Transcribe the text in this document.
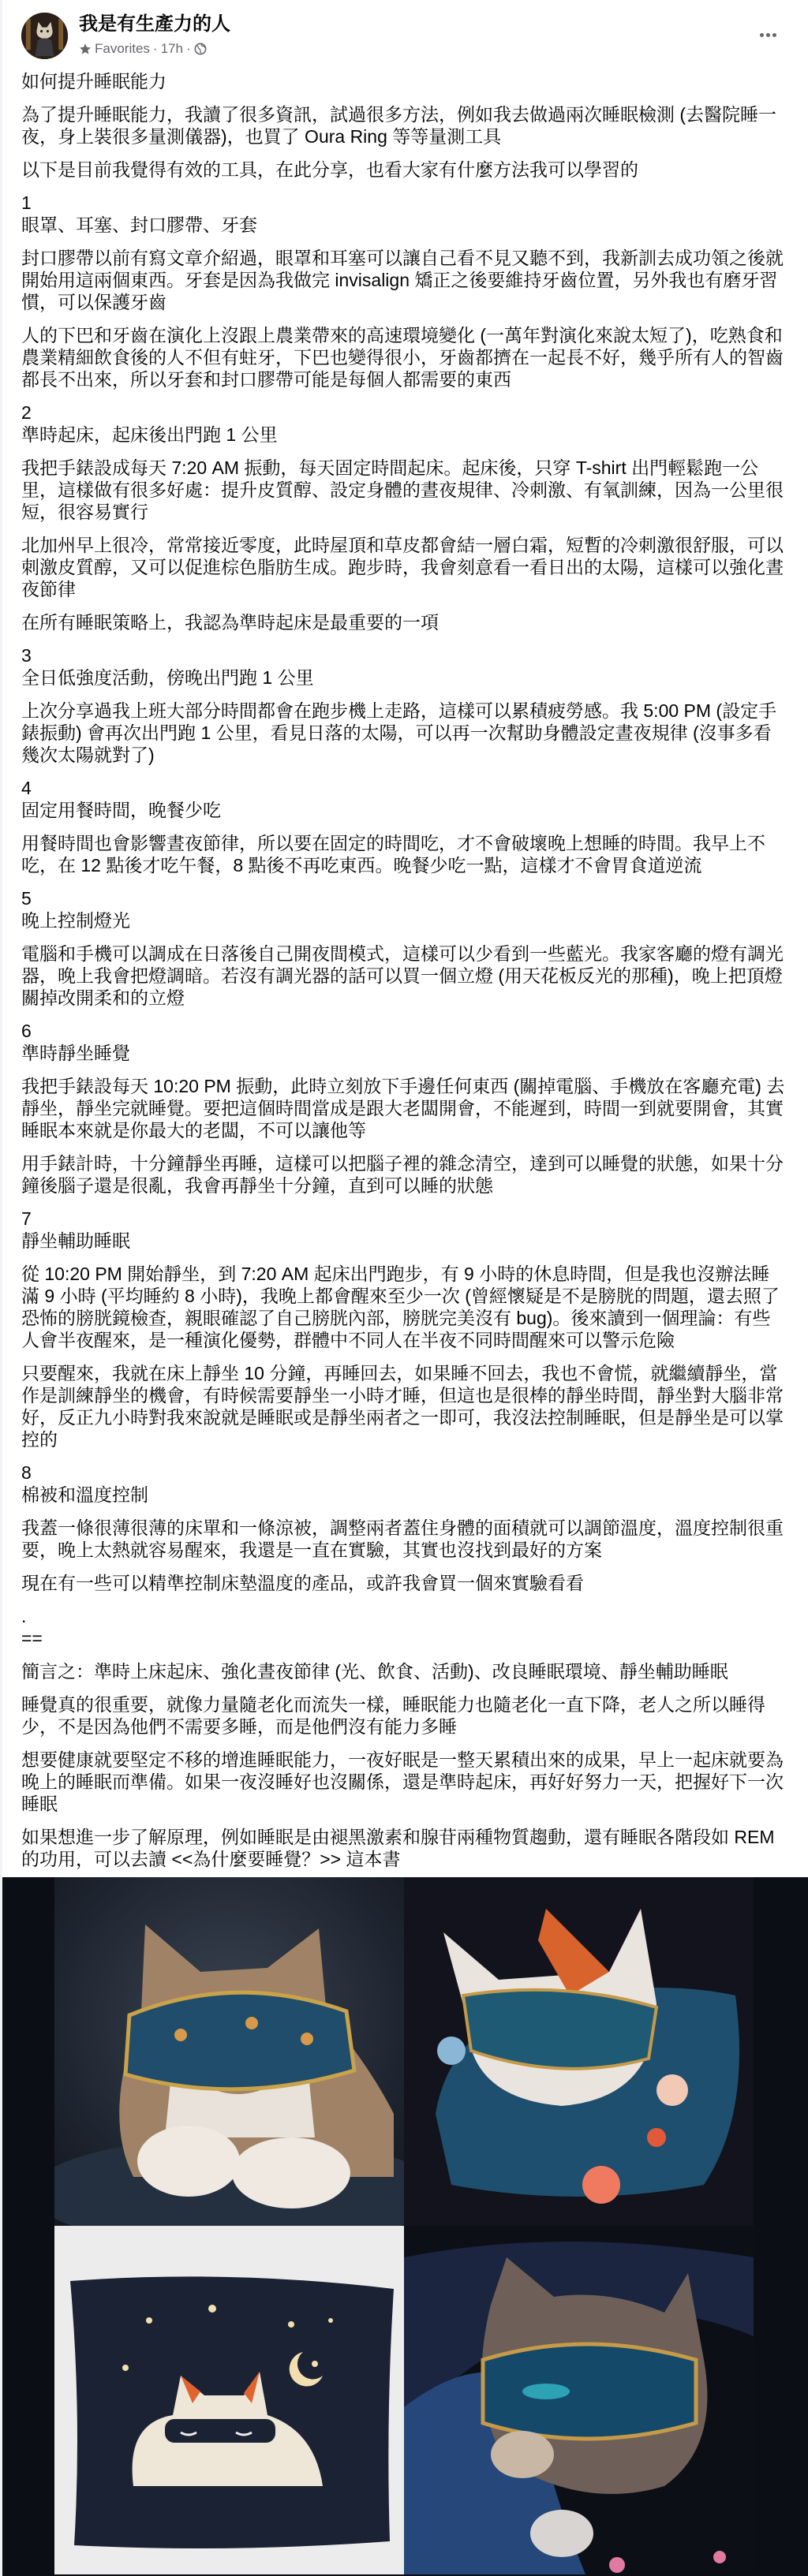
我是有生產力的人
Favorites · 17h ·

如何提升睡眠能力

為了提升睡眠能力，我讀了很多資訊，試過很多方法，例如我去做過兩次睡眠檢測 (去醫院睡一夜，身上裝很多量測儀器)，也買了 Oura Ring 等等量測工具

以下是目前我覺得有效的工具，在此分享，也看大家有什麼方法我可以學習的

1
眼罩、耳塞、封口膠帶、牙套

封口膠帶以前有寫文章介紹過，眼罩和耳塞可以讓自己看不見又聽不到，我新訓去成功領之後就開始用這兩個東西。牙套是因為我做完 invisalign 矯正之後要維持牙齒位置，另外我也有磨牙習慣，可以保護牙齒

人的下巴和牙齒在演化上沒跟上農業帶來的高速環境變化 (一萬年對演化來說太短了)，吃熟食和農業精細飲食後的人不但有蛀牙，下巴也變得很小，牙齒都擠在一起長不好，幾乎所有人的智齒都長不出來，所以牙套和封口膠帶可能是每個人都需要的東西

2
準時起床，起床後出門跑 1 公里

我把手錶設成每天 7:20 AM 振動，每天固定時間起床。起床後，只穿 T-shirt 出門輕鬆跑一公里，這樣做有很多好處：提升皮質醇、設定身體的晝夜規律、冷刺激、有氧訓練，因為一公里很短，很容易實行

北加州早上很冷，常常接近零度，此時屋頂和草皮都會結一層白霜，短暫的冷刺激很舒服，可以刺激皮質醇，又可以促進棕色脂肪生成。跑步時，我會刻意看一看日出的太陽，這樣可以強化晝夜節律

在所有睡眠策略上，我認為準時起床是最重要的一項

3
全日低強度活動，傍晚出門跑 1 公里

上次分享過我上班大部分時間都會在跑步機上走路，這樣可以累積疲勞感。我 5:00 PM (設定手錶振動) 會再次出門跑 1 公里，看見日落的太陽，可以再一次幫助身體設定晝夜規律 (沒事多看幾次太陽就對了)

4
固定用餐時間，晚餐少吃

用餐時間也會影響晝夜節律，所以要在固定的時間吃，才不會破壞晚上想睡的時間。我早上不吃，在 12 點後才吃午餐，8 點後不再吃東西。晚餐少吃一點，這樣才不會胃食道逆流

5
晚上控制燈光

電腦和手機可以調成在日落後自己開夜間模式，這樣可以少看到一些藍光。我家客廳的燈有調光器，晚上我會把燈調暗。若沒有調光器的話可以買一個立燈 (用天花板反光的那種)，晚上把頂燈關掉改開柔和的立燈

6
準時靜坐睡覺

我把手錶設每天 10:20 PM 振動，此時立刻放下手邊任何東西 (關掉電腦、手機放在客廳充電) 去靜坐，靜坐完就睡覺。要把這個時間當成是跟大老闆開會，不能遲到，時間一到就要開會，其實睡眠本來就是你最大的老闆，不可以讓他等

用手錶計時，十分鐘靜坐再睡，這樣可以把腦子裡的雜念清空，達到可以睡覺的狀態，如果十分鐘後腦子還是很亂，我會再靜坐十分鐘，直到可以睡的狀態

7
靜坐輔助睡眠

從 10:20 PM 開始靜坐，到 7:20 AM 起床出門跑步，有 9 小時的休息時間，但是我也沒辦法睡滿 9 小時 (平均睡約 8 小時)，我晚上都會醒來至少一次 (曾經懷疑是不是膀胱的問題，還去照了恐怖的膀胱鏡檢查，親眼確認了自己膀胱內部，膀胱完美沒有 bug)。後來讀到一個理論：有些人會半夜醒來，是一種演化優勢，群體中不同人在半夜不同時間醒來可以警示危險

只要醒來，我就在床上靜坐 10 分鐘，再睡回去，如果睡不回去，我也不會慌，就繼續靜坐，當作是訓練靜坐的機會，有時候需要靜坐一小時才睡，但這也是很棒的靜坐時間，靜坐對大腦非常好，反正九小時對我來說就是睡眠或是靜坐兩者之一即可，我沒法控制睡眠，但是靜坐是可以掌控的

8
棉被和溫度控制

我蓋一條很薄很薄的床單和一條涼被，調整兩者蓋住身體的面積就可以調節溫度，溫度控制很重要，晚上太熱就容易醒來，我還是一直在實驗，其實也沒找到最好的方案

現在有一些可以精準控制床墊溫度的產品，或許我會買一個來實驗看看

.
==

簡言之：準時上床起床、強化晝夜節律 (光、飲食、活動)、改良睡眠環境、靜坐輔助睡眠

睡覺真的很重要，就像力量隨老化而流失一樣，睡眠能力也隨老化一直下降，老人之所以睡得少，不是因為他們不需要多睡，而是他們沒有能力多睡

想要健康就要堅定不移的增進睡眠能力，一夜好眠是一整天累積出來的成果，早上一起床就要為晚上的睡眠而準備。如果一夜沒睡好也沒關係，還是準時起床，再好好努力一天，把握好下一次睡眠

如果想進一步了解原理，例如睡眠是由褪黑激素和腺苷兩種物質趨動，還有睡眠各階段如 REM 的功用，可以去讀 <<為什麼要睡覺？>> 這本書
